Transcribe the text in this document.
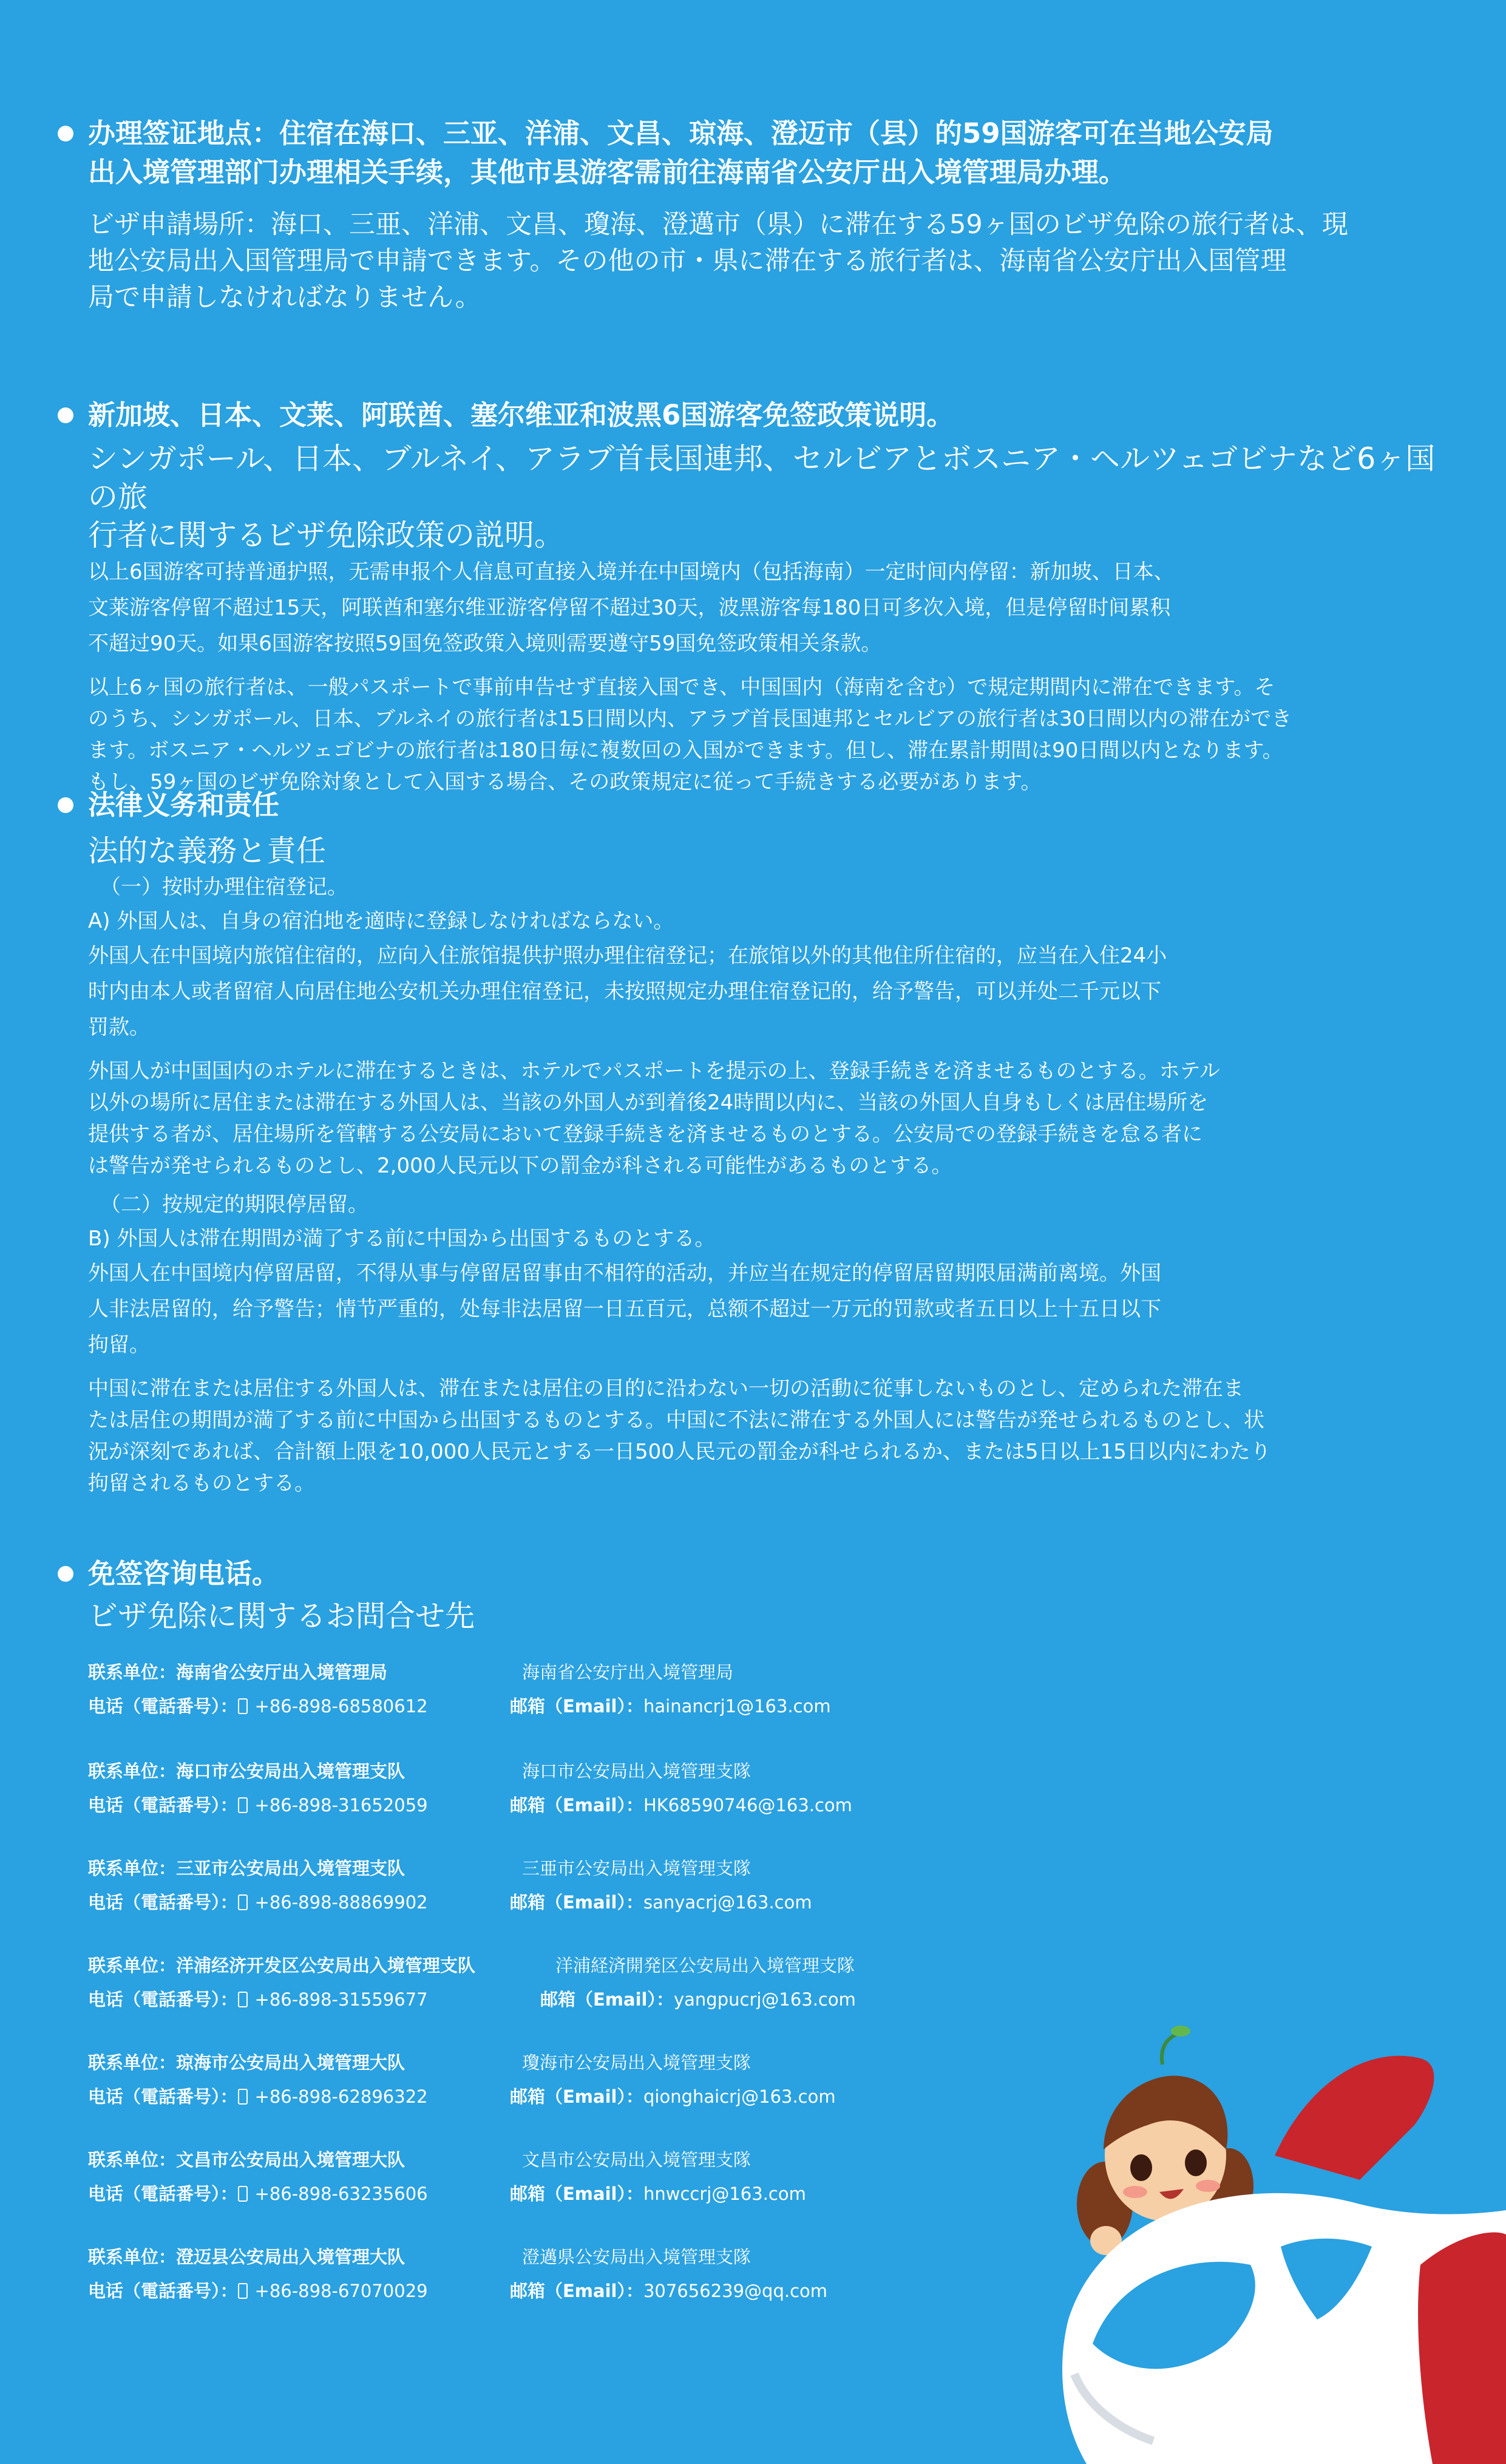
办理签证地点：住宿在海口、三亚、洋浦、文昌、琼海、澄迈市（县）的59国游客可在当地公安局

出入境管理部门办理相关手续，其他市县游客需前往海南省公安厅出入境管理局办理。

ビザ申請場所：海口、三亜、洋浦、文昌、瓊海、澄邁市（県）に滞在する59ヶ国のビザ免除の旅行者は、現

地公安局出入国管理局で申請できます。その他の市・県に滞在する旅行者は、海南省公安庁出入国管理

局で申請しなければなりません。

新加坡、日本、文莱、阿联酋、塞尔维亚和波黑6国游客免签政策说明。

シンガポール、日本、ブルネイ、アラブ首長国連邦、セルビアとボスニア・ヘルツェゴビナなど6ヶ国の旅

行者に関するビザ免除政策の説明。

以上6国游客可持普通护照，无需申报个人信息可直接入境并在中国境内（包括海南）一定时间内停留：新加坡、日本、

文莱游客停留不超过15天，阿联酋和塞尔维亚游客停留不超过30天，波黑游客每180日可多次入境，但是停留时间累积

不超过90天。如果6国游客按照59国免签政策入境则需要遵守59国免签政策相关条款。

以上6ヶ国の旅行者は、一般パスポートで事前申告せず直接入国でき、中国国内（海南を含む）で規定期間内に滞在できます。そ

のうち、シンガポール、日本、ブルネイの旅行者は15日間以内、アラブ首長国連邦とセルビアの旅行者は30日間以内の滞在ができ

ます。ボスニア・ヘルツェゴビナの旅行者は180日毎に複数回の入国ができます。但し、滞在累計期間は90日間以内となります。

もし、59ヶ国のビザ免除対象として入国する場合、その政策規定に従って手続きする必要があります。

法律义务和责任
法的な義務と責任
（一）按时办理住宿登记。
A) 外国人は、自身の宿泊地を適時に登録しなければならない。

外国人在中国境内旅馆住宿的，应向入住旅馆提供护照办理住宿登记；在旅馆以外的其他住所住宿的，应当在入住24小

时内由本人或者留宿人向居住地公安机关办理住宿登记，未按照规定办理住宿登记的，给予警告，可以并处二千元以下

罚款。

外国人が中国国内のホテルに滞在するときは、ホテルでパスポートを提示の上、登録手続きを済ませるものとする。ホテル

以外の場所に居住または滞在する外国人は、当該の外国人が到着後24時間以内に、当該の外国人自身もしくは居住場所を

提供する者が、居住場所を管轄する公安局において登録手続きを済ませるものとする。公安局での登録手続きを怠る者に

は警告が発せられるものとし、2,000人民元以下の罰金が科される可能性があるものとする。

（二）按规定的期限停居留。
B) 外国人は滞在期間が満了する前に中国から出国するものとする。

外国人在中国境内停留居留，不得从事与停留居留事由不相符的活动，并应当在规定的停留居留期限届满前离境。外国

人非法居留的，给予警告；情节严重的，处每非法居留一日五百元，总额不超过一万元的罚款或者五日以上十五日以下

拘留。

中国に滞在または居住する外国人は、滞在または居住の目的に沿わない一切の活動に従事しないものとし、定められた滞在ま

たは居住の期間が満了する前に中国から出国するものとする。中国に不法に滞在する外国人には警告が発せられるものとし、状

況が深刻であれば、合計額上限を10,000人民元とする一日500人民元の罰金が科せられるか、または5日以上15日以内にわたり

拘留されるものとする。

免签咨询电话。
ビザ免除に関するお問合せ先
联系单位：海南省公安厅出入境管理局	海南省公安庁出入境管理局
电话（電話番号）： +86-898-68580612	邮箱（Email）：hainancrj1@163.com
联系单位：海口市公安局出入境管理支队	海口市公安局出入境管理支隊
电话（電話番号）： +86-898-31652059	邮箱（Email）：HK68590746@163.com
联系单位：三亚市公安局出入境管理支队	三亜市公安局出入境管理支隊
电话（電話番号）： +86-898-88869902	邮箱（Email）：sanyacrj@163.com
联系单位：洋浦经济开发区公安局出入境管理支队	洋浦経済開発区公安局出入境管理支隊
电话（電話番号）： +86-898-31559677	邮箱（Email）：yangpucrj@163.com
联系单位：琼海市公安局出入境管理大队	瓊海市公安局出入境管理支隊
电话（電話番号）： +86-898-62896322	邮箱（Email）：qionghaicrj@163.com
联系单位：文昌市公安局出入境管理大队	文昌市公安局出入境管理支隊
电话（電話番号）： +86-898-63235606	邮箱（Email）：hnwccrj@163.com
联系单位：澄迈县公安局出入境管理大队	澄邁県公安局出入境管理支隊
电话（電話番号）： +86-898-67070029	邮箱（Email）：307656239@qq.com
